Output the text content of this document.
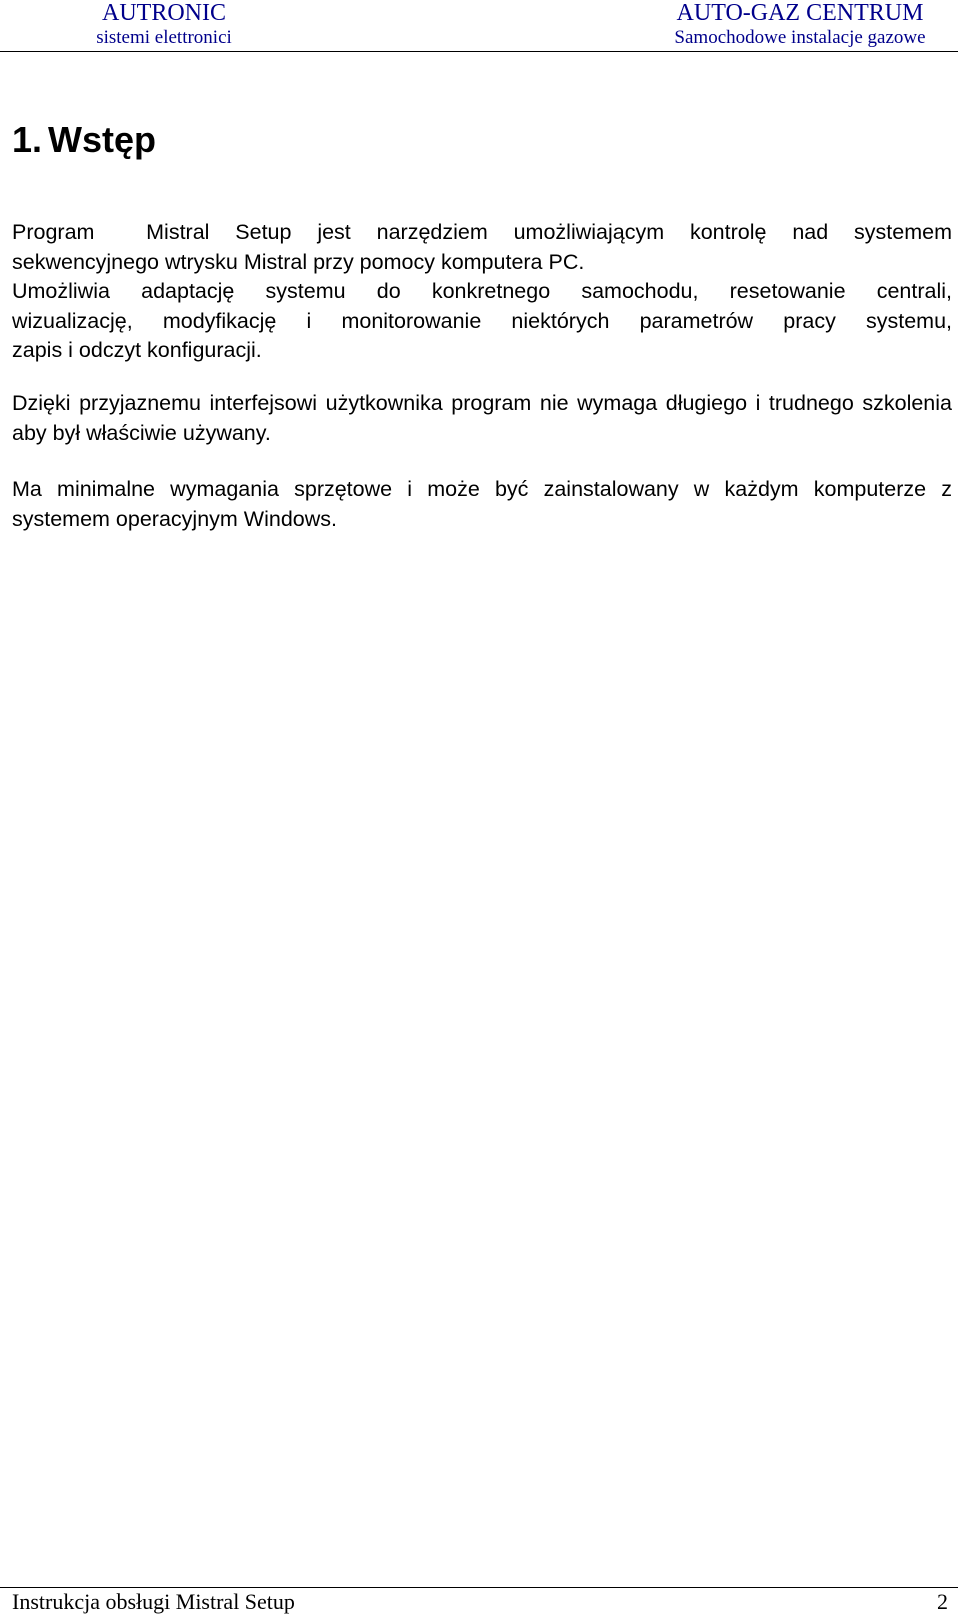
AUTRONIC
sistemi elettronici
AUTO-GAZ CENTRUM
Samochodowe instalacje gazowe
1. Wstęp
Program  Mistral Setup jest narzędziem umożliwiającym kontrolę nad systemem
sekwencyjnego wtrysku Mistral przy pomocy komputera PC.
Umożliwia adaptację systemu do konkretnego samochodu, resetowanie centrali,
wizualizację, modyfikację i monitorowanie niektórych parametrów pracy systemu,
zapis i odczyt konfiguracji.

Dzięki przyjaznemu interfejsowi użytkownika program nie wymaga długiego i trudnego szkolenia aby był właściwie używany.

Ma minimalne wymagania sprzętowe i może być zainstalowany w każdym komputerze z systemem operacyjnym Windows.

Instrukcja obsługi Mistral Setup	2
